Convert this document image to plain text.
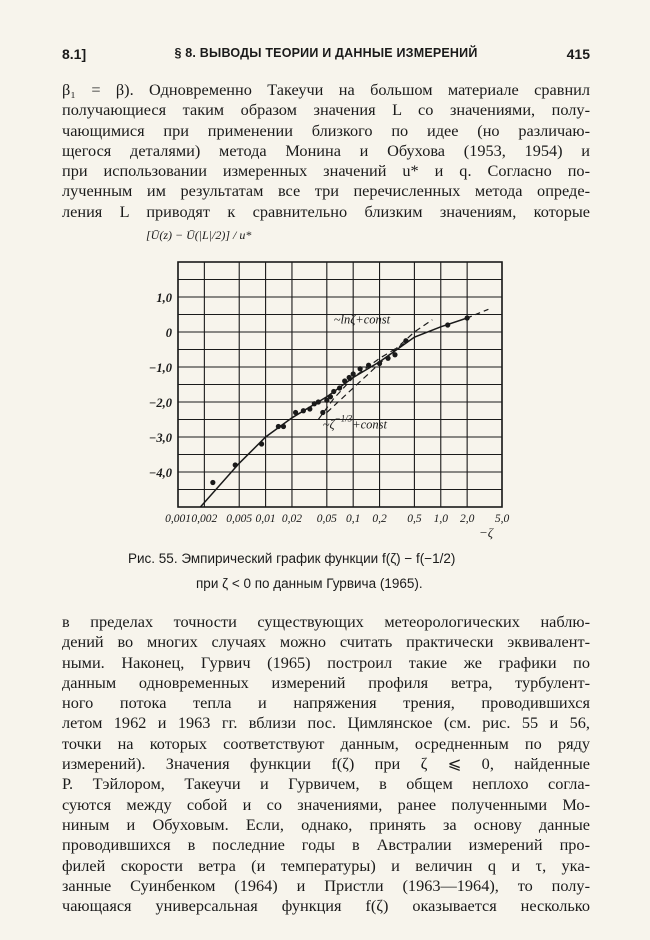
8.1]	§ 8. ВЫВОДЫ ТЕОРИИ И ДАННЫЕ ИЗМЕРЕНИЙ	415
β₁ = β). Одновременно Такеучи на большом материале сравнил
получающиеся таким образом значения L со значениями, полу-
чающимися при применении близкого по идее (но различаю-
щегося деталями) метода Монина и Обухова (1953, 1954) и
при использовании измеренных значений u* и q. Согласно по-
лученным им результатам все три перечисленных метода опреде-
ления L приводят к сравнительно близким значениям, которые
0,001 0,002 0,005 0,01 0,02 0,05 0,1 0,2 0,5 1,0 2,0 5,0
1,0
0
−1,0
−2,0
−3,0
−4,0
−ζ
[Ū(z) − Ū(|L|/2)] / u*
~lnζ+const
$\sim\zeta^{-1/3}+const$
Рис. 55. Эмпирический график функции f(ζ) − f(−1/2)
при ζ < 0 по данным Гурвича (1965).
в пределах точности существующих метеорологических наблю-
дений во многих случаях можно считать практически эквивалент-
ными. Наконец, Гурвич (1965) построил такие же графики по
данным одновременных измерений профиля ветра, турбулент-
ного потока тепла и напряжения трения, проводившихся
летом 1962 и 1963 гг. вблизи пос. Цимлянское (см. рис. 55 и 56,
точки на которых соответствуют данным, осредненным по ряду
измерений). Значения функции f(ζ) при ζ ⩽ 0, найденные
Р. Тэйлором, Такеучи и Гурвичем, в общем неплохо согла-
суются между собой и со значениями, ранее полученными Мо-
ниным и Обуховым. Если, однако, принять за основу данные
проводившихся в последние годы в Австралии измерений про-
филей скорости ветра (и температуры) и величин q и τ, ука-
занные Суинбенком (1964) и Пристли (1963—1964), то полу-
чающаяся универсальная функция f(ζ) оказывается несколько
